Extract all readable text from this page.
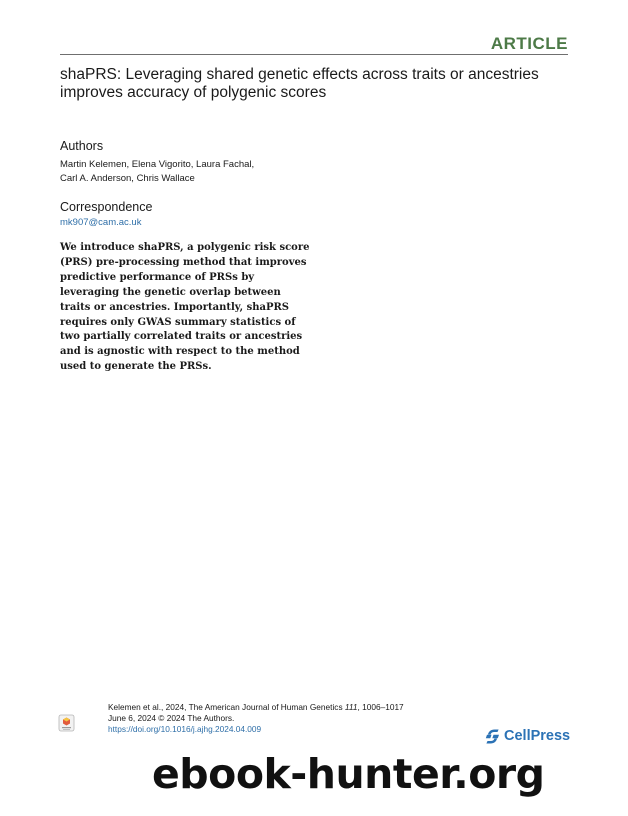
ARTICLE
shaPRS: Leveraging shared genetic effects across traits or ancestries improves accuracy of polygenic scores
Authors
Martin Kelemen, Elena Vigorito, Laura Fachal,
Carl A. Anderson, Chris Wallace
Correspondence
mk907@cam.ac.uk
We introduce shaPRS, a polygenic risk score (PRS) pre-processing method that improves predictive performance of PRSs by leveraging the genetic overlap between traits or ancestries. Importantly, shaPRS requires only GWAS summary statistics of two partially correlated traits or ancestries and is agnostic with respect to the method used to generate the PRSs.
Kelemen et al., 2024, The American Journal of Human Genetics 111, 1006–1017
June 6, 2024 © 2024 The Authors.
https://doi.org/10.1016/j.ajhg.2024.04.009	CellPress
ebook-hunter.org
